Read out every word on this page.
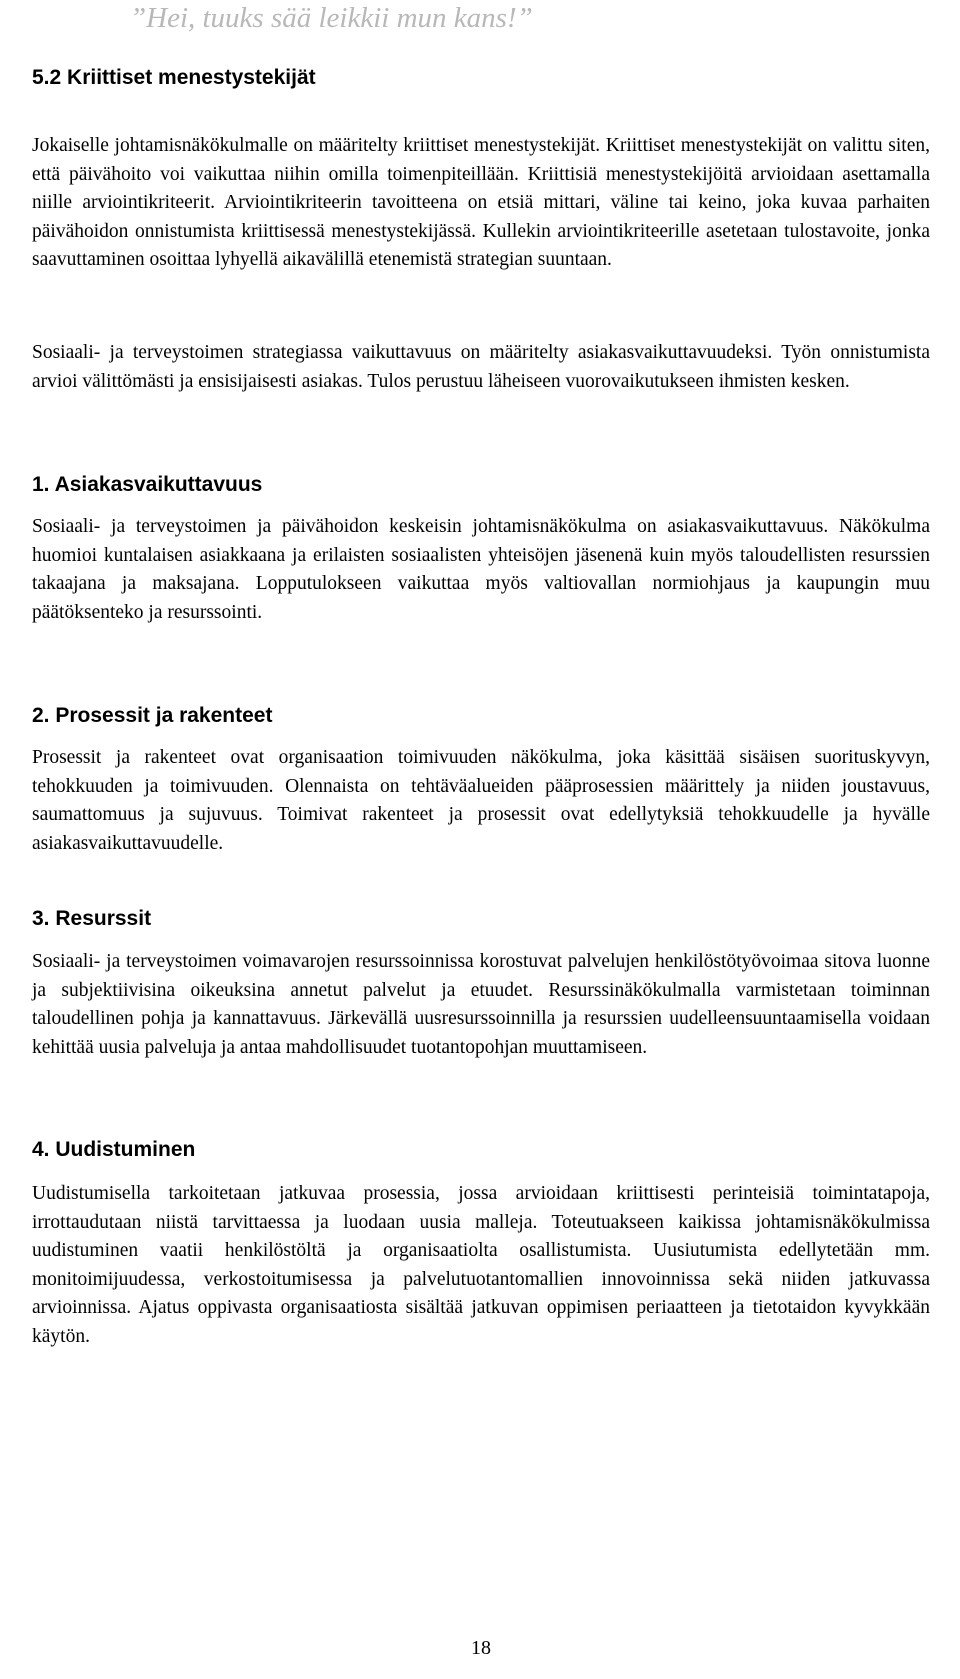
”Hei, tuuks sää leikkii mun kans!”
5.2 Kriittiset menestystekijät

Jokaiselle johtamisnäkökulmalle on määritelty kriittiset menestystekijät. Kriittiset menestystekijät on valittu siten, että päivähoito voi vaikuttaa niihin omilla toimenpiteillään. Kriittisiä menestystekijöitä arvioidaan asettamalla niille arviointikriteerit. Arviointikriteerin tavoitteena on etsiä mittari, väline tai keino, joka kuvaa parhaiten päivähoidon onnistumista kriittisessä menestystekijässä. Kullekin arviointikriteerille asetetaan tulostavoite, jonka saavuttaminen osoittaa lyhyellä aikavälillä etenemistä strategian suuntaan.

Sosiaali- ja terveystoimen strategiassa vaikuttavuus on määritelty asiakasvaikuttavuudeksi. Työn onnistumista arvioi välittömästi ja ensisijaisesti asiakas. Tulos perustuu läheiseen vuorovaikutukseen ihmisten kesken.

1. Asiakasvaikuttavuus

Sosiaali- ja terveystoimen ja päivähoidon keskeisin johtamisnäkökulma on asiakasvaikuttavuus. Näkökulma huomioi kuntalaisen asiakkaana ja erilaisten sosiaalisten yhteisöjen jäsenenä kuin myös taloudellisten resurssien takaajana ja maksajana. Lopputulokseen vaikuttaa myös valtiovallan normiohjaus ja kaupungin muu päätöksenteko ja resurssointi.

2. Prosessit ja rakenteet

Prosessit ja rakenteet ovat organisaation toimivuuden näkökulma, joka käsittää sisäisen suorituskyvyn, tehokkuuden ja toimivuuden. Olennaista on tehtäväalueiden pääprosessien määrittely ja niiden joustavuus, saumattomuus ja sujuvuus. Toimivat rakenteet ja prosessit ovat edellytyksiä tehokkuudelle ja hyvälle asiakasvaikuttavuudelle.

3. Resurssit

Sosiaali- ja terveystoimen voimavarojen resurssoinnissa korostuvat palvelujen henkilöstötyövoimaa sitova luonne ja subjektiivisina oikeuksina annetut palvelut ja etuudet. Resurssinäkökulmalla varmistetaan toiminnan taloudellinen pohja ja kannattavuus. Järkevällä uusresurssoinnilla ja resurssien uudelleensuuntaamisella voidaan kehittää uusia palveluja ja antaa mahdollisuudet tuotantopohjan muuttamiseen.

4. Uudistuminen

Uudistumisella tarkoitetaan jatkuvaa prosessia, jossa arvioidaan kriittisesti perinteisiä toimintatapoja, irrottaudutaan niistä tarvittaessa ja luodaan uusia malleja. Toteutuakseen kaikissa johtamisnäkökulmissa uudistuminen vaatii henkilöstöltä ja organisaatiolta osallistumista. Uusiutumista edellytetään mm. monitoimijuudessa, verkostoitumisessa ja palvelutuotantomallien innovoinnissa sekä niiden jatkuvassa arvioinnissa. Ajatus oppivasta organisaatiosta sisältää jatkuvan oppimisen periaatteen ja tietotaidon kyvykkään käytön.

18
